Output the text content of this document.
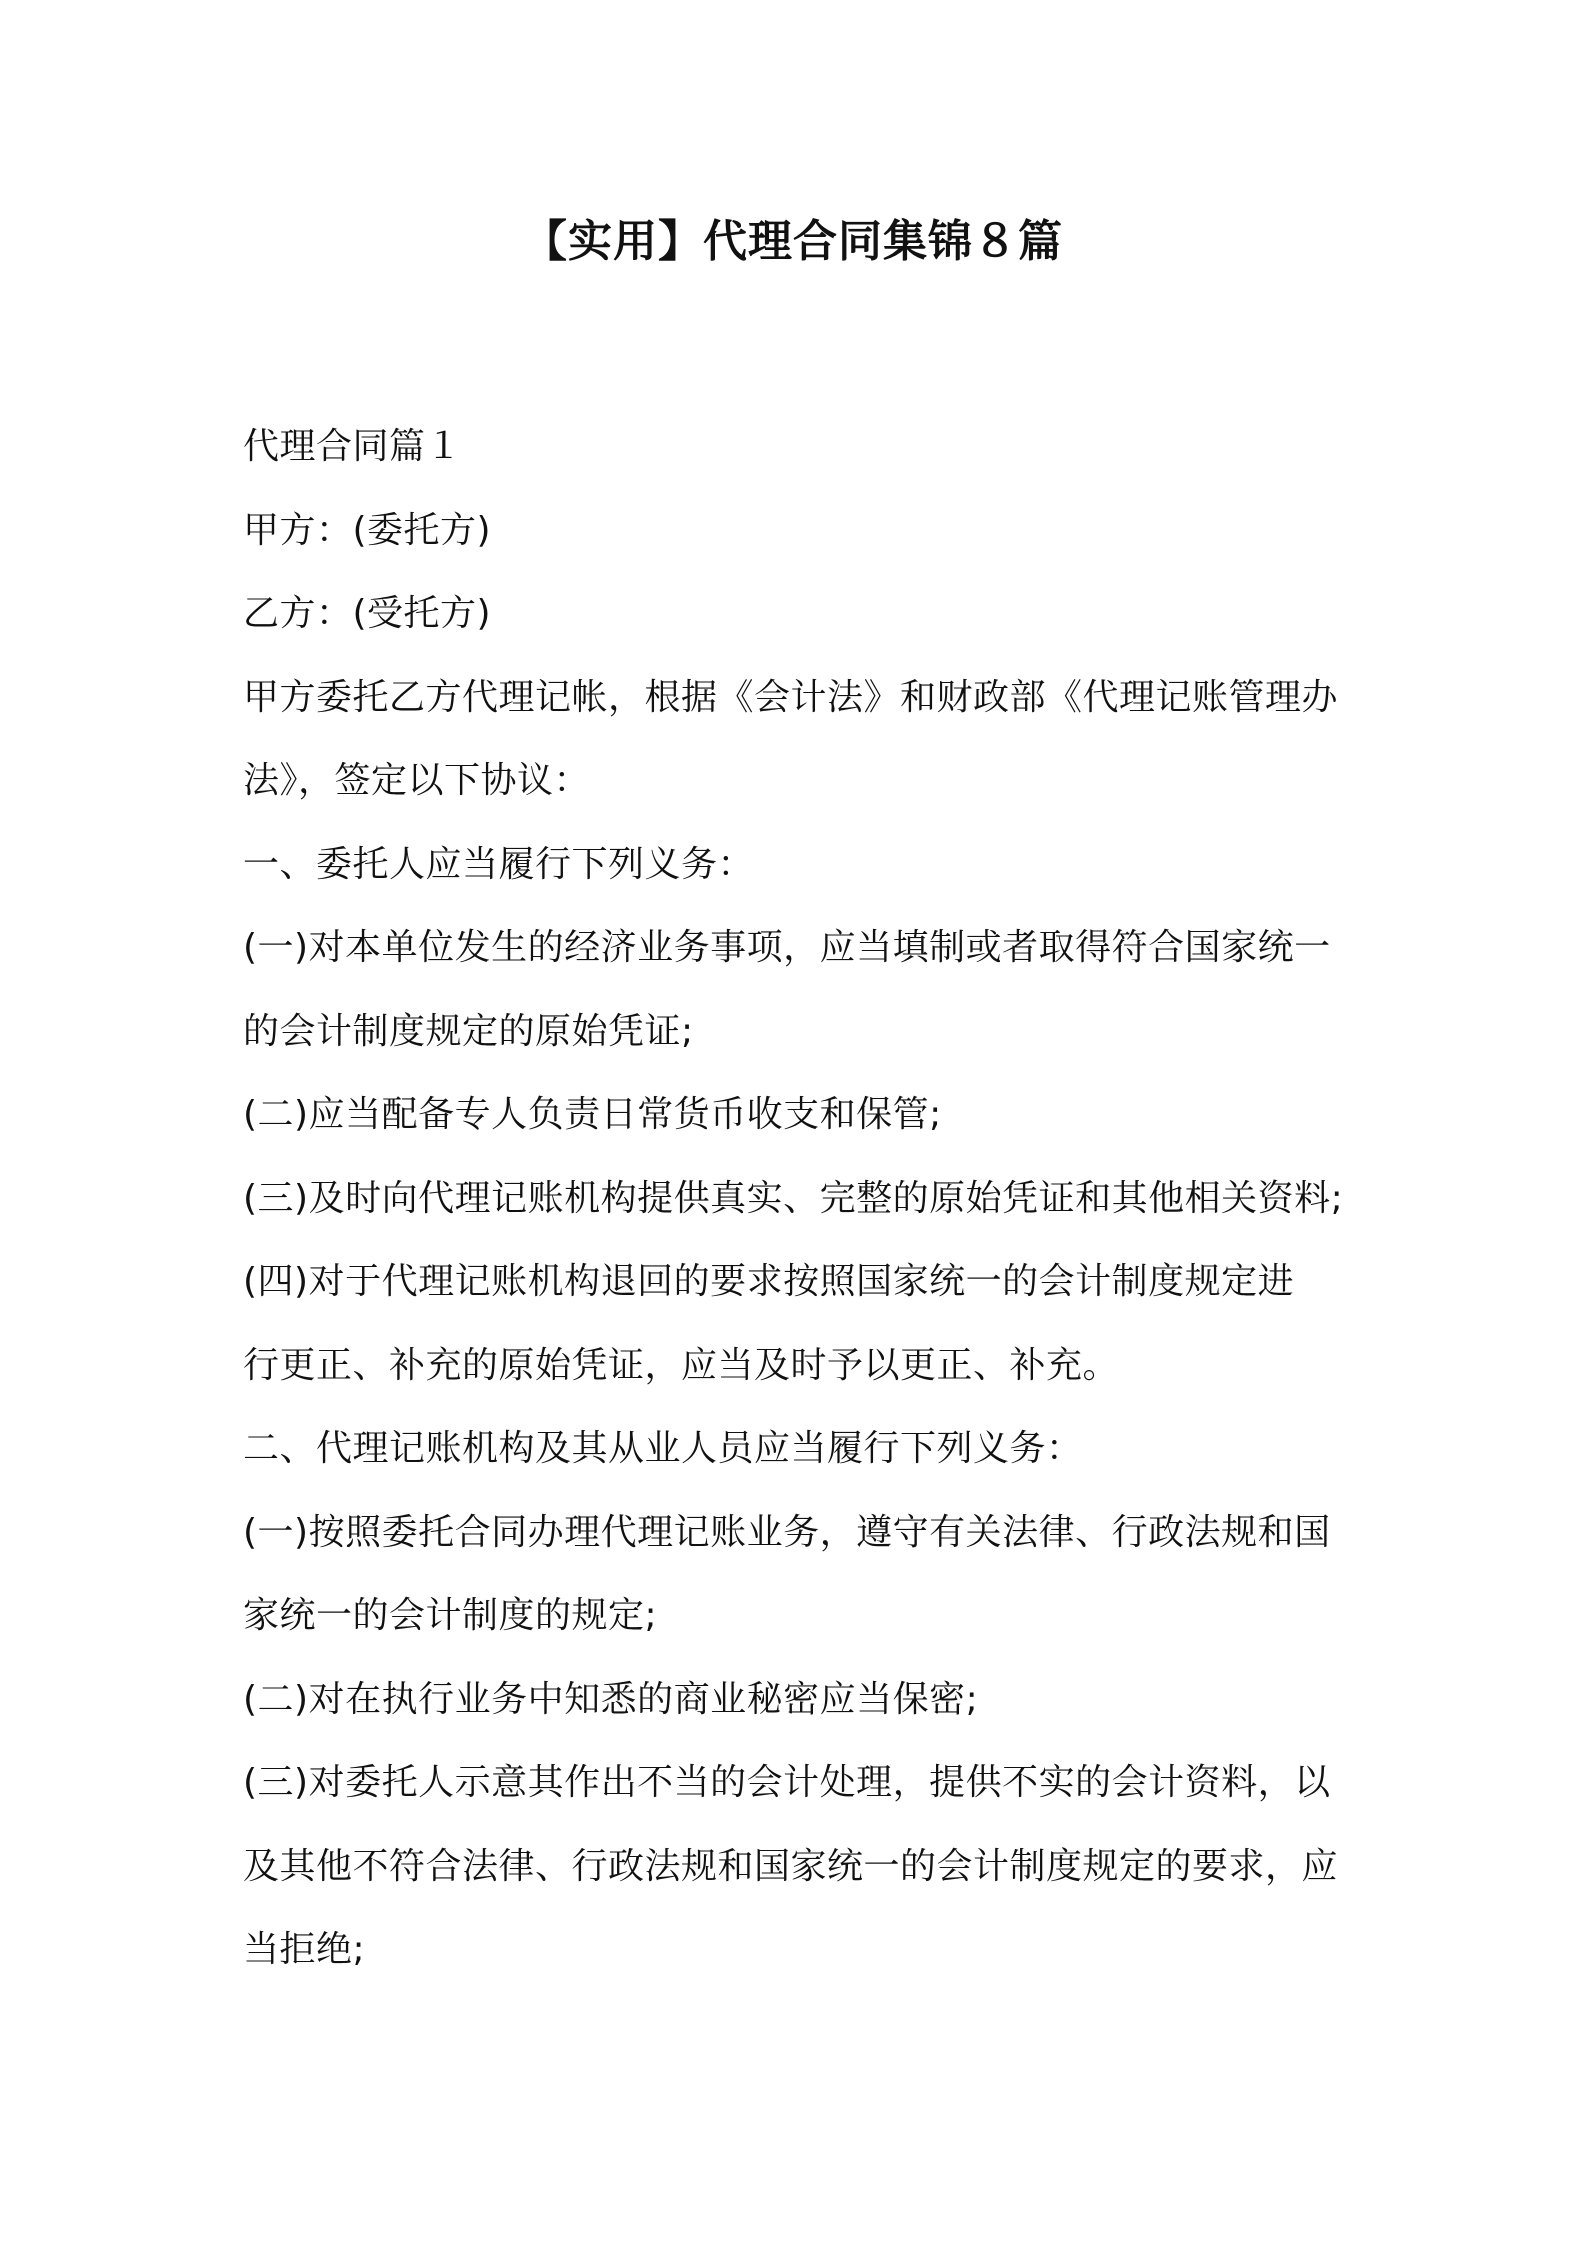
【实用】代理合同集锦８篇
代理合同篇１
甲方：(委托方)
乙方：(受托方)
甲方委托乙方代理记帐，根据《会计法》和财政部《代理记账管理办
法》，签定以下协议：
一、委托人应当履行下列义务：
(一)对本单位发生的经济业务事项，应当填制或者取得符合国家统一
的会计制度规定的原始凭证;
(二)应当配备专人负责日常货币收支和保管;
(三)及时向代理记账机构提供真实、完整的原始凭证和其他相关资料;
(四)对于代理记账机构退回的要求按照国家统一的会计制度规定进
行更正、补充的原始凭证，应当及时予以更正、补充。
二、代理记账机构及其从业人员应当履行下列义务：
(一)按照委托合同办理代理记账业务，遵守有关法律、行政法规和国
家统一的会计制度的规定;
(二)对在执行业务中知悉的商业秘密应当保密;
(三)对委托人示意其作出不当的会计处理，提供不实的会计资料，以
及其他不符合法律、行政法规和国家统一的会计制度规定的要求，应
当拒绝;
